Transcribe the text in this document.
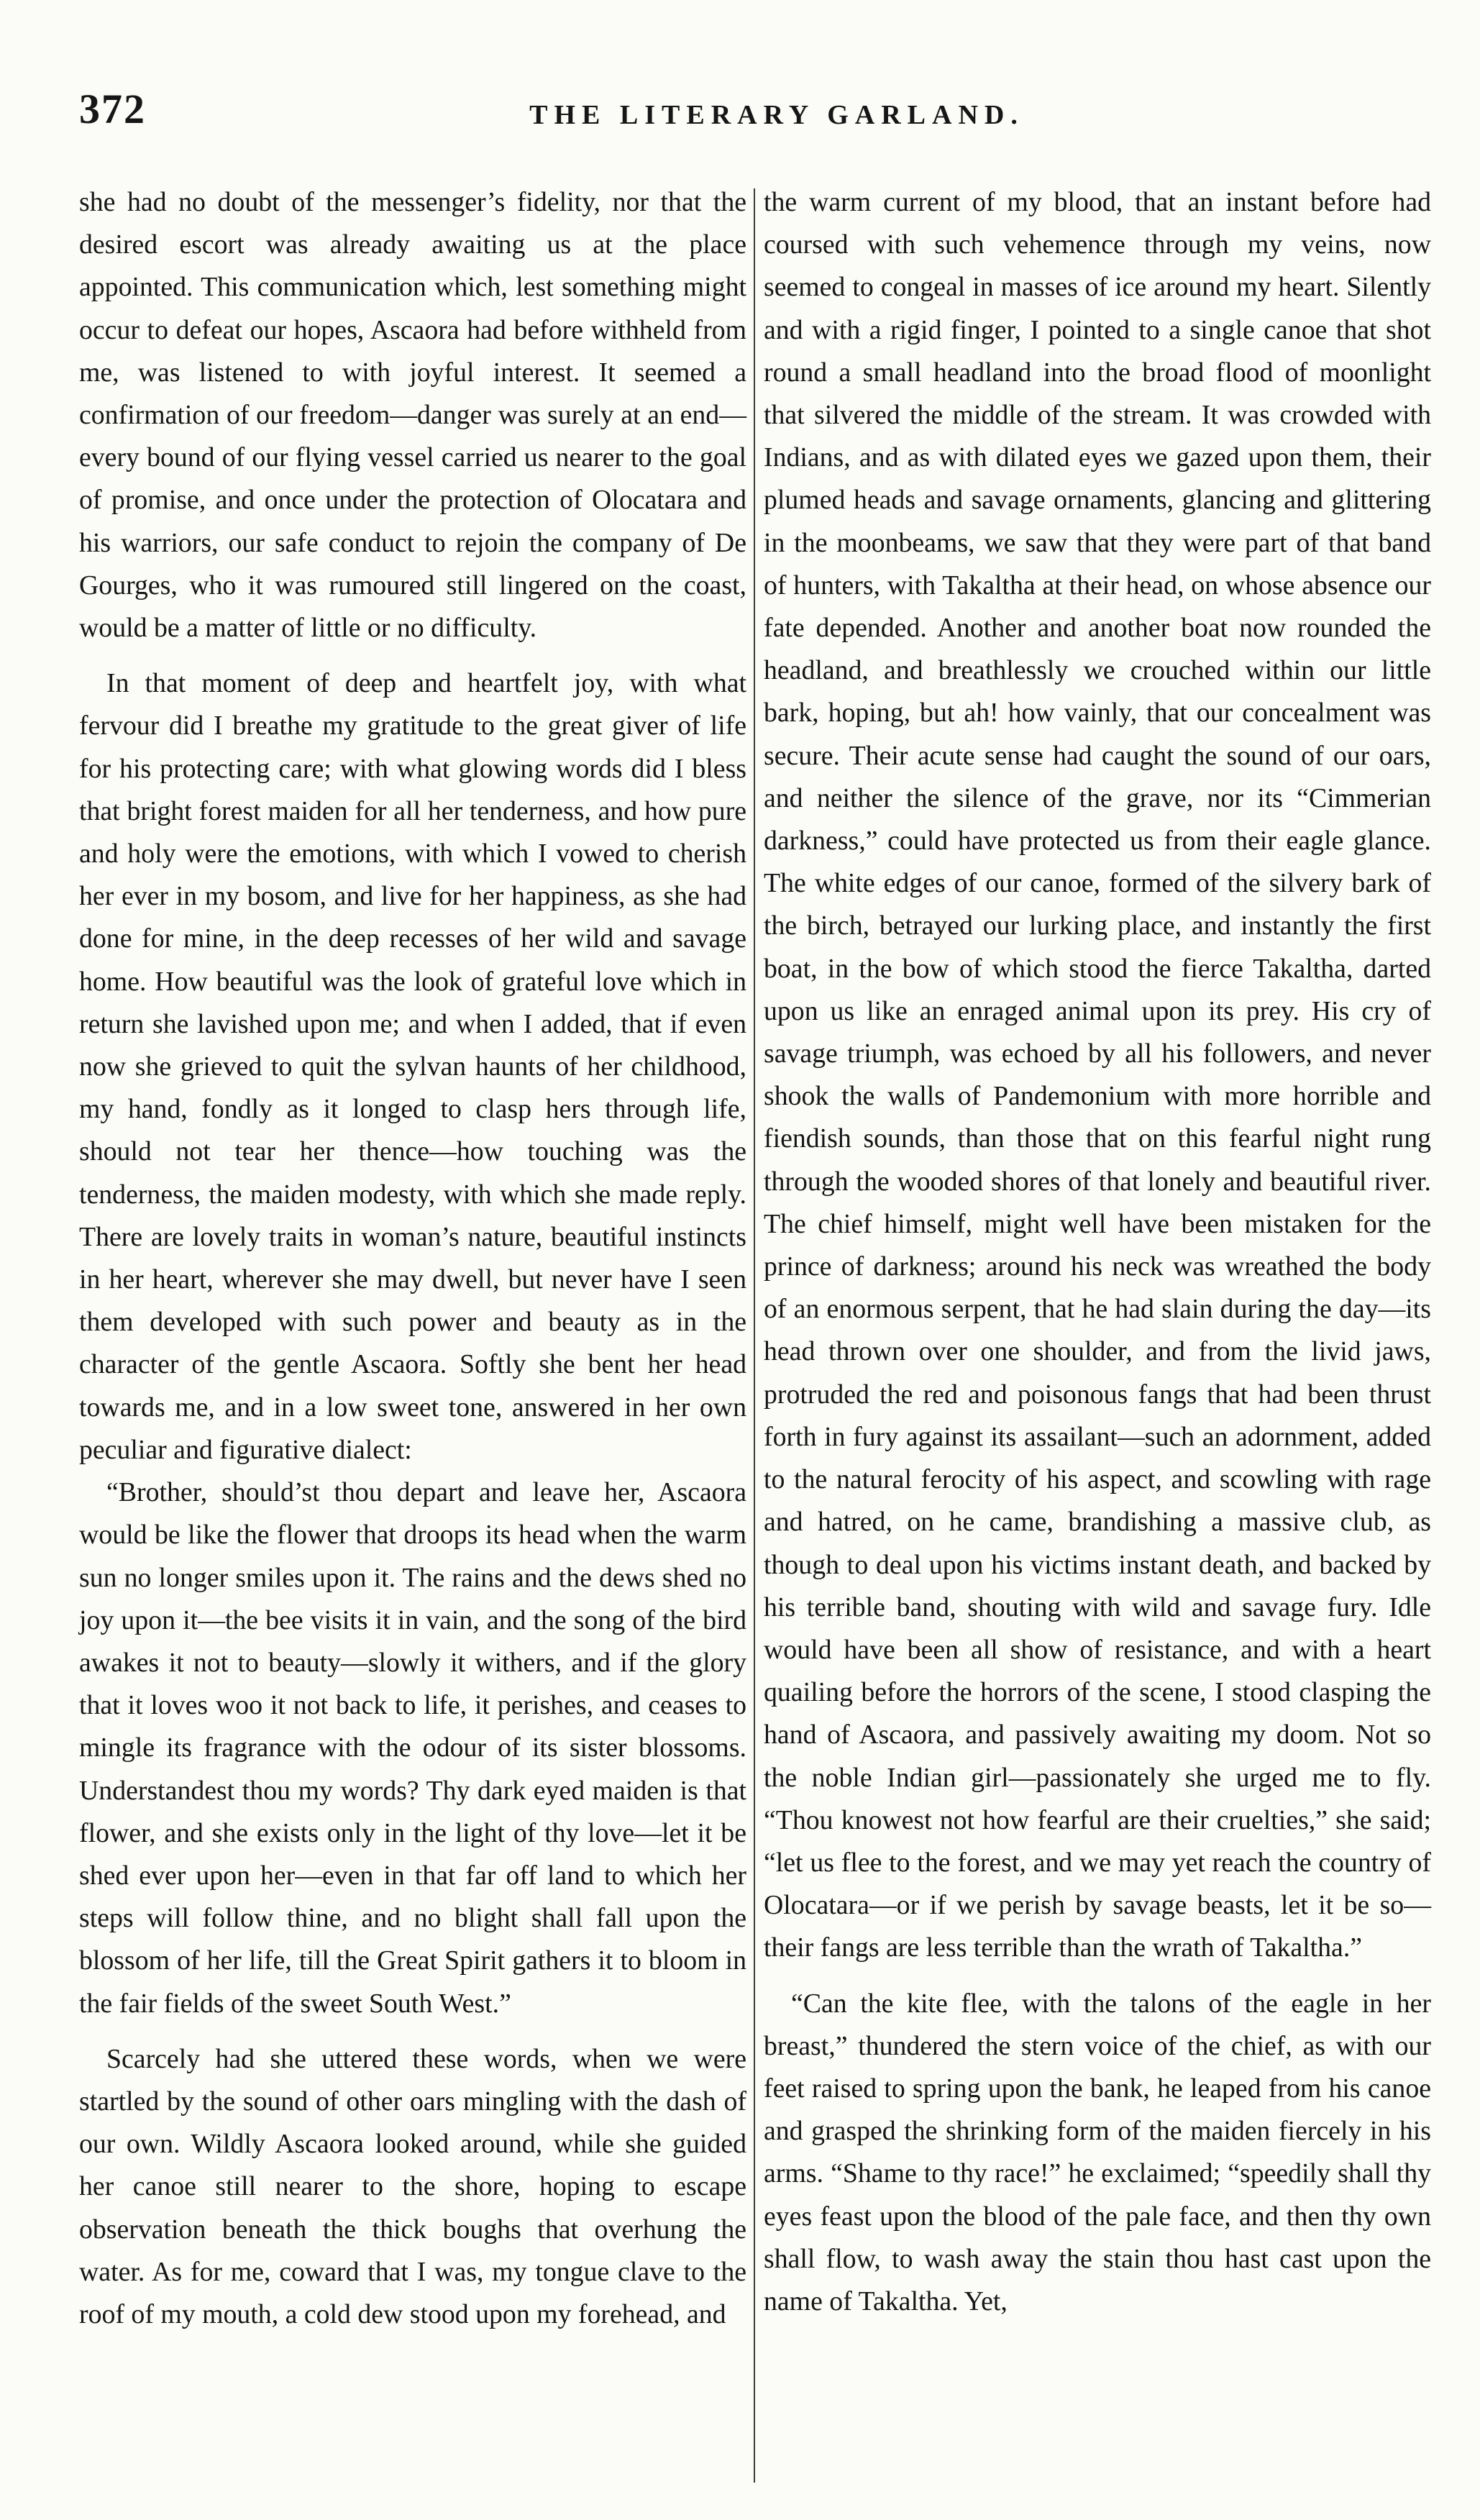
372	THE LITERARY GARLAND.

she had no doubt of the messenger’s fidelity, nor that the desired escort was already awaiting us at the place appointed. This communication which, lest something might occur to defeat our hopes, Ascaora had before withheld from me, was listened to with joyful interest. It seemed a confirmation of our freedom—danger was surely at an end—every bound of our flying vessel carried us nearer to the goal of promise, and once under the protection of Olocatara and his warriors, our safe conduct to rejoin the company of De Gourges, who it was rumoured still lingered on the coast, would be a matter of little or no difficulty.

In that moment of deep and heartfelt joy, with what fervour did I breathe my gratitude to the great giver of life for his protecting care; with what glowing words did I bless that bright forest maiden for all her tenderness, and how pure and holy were the emotions, with which I vowed to cherish her ever in my bosom, and live for her happiness, as she had done for mine, in the deep recesses of her wild and savage home. How beautiful was the look of grateful love which in return she lavished upon me; and when I added, that if even now she grieved to quit the sylvan haunts of her childhood, my hand, fondly as it longed to clasp hers through life, should not tear her thence—how touching was the tenderness, the maiden modesty, with which she made reply. There are lovely traits in woman’s nature, beautiful instincts in her heart, wherever she may dwell, but never have I seen them developed with such power and beauty as in the character of the gentle Ascaora. Softly she bent her head towards me, and in a low sweet tone, answered in her own peculiar and figurative dialect:

“Brother, should’st thou depart and leave her, Ascaora would be like the flower that droops its head when the warm sun no longer smiles upon it. The rains and the dews shed no joy upon it—the bee visits it in vain, and the song of the bird awakes it not to beauty—slowly it withers, and if the glory that it loves woo it not back to life, it perishes, and ceases to mingle its fragrance with the odour of its sister blossoms. Understandest thou my words? Thy dark eyed maiden is that flower, and she exists only in the light of thy love—let it be shed ever upon her—even in that far off land to which her steps will follow thine, and no blight shall fall upon the blossom of her life, till the Great Spirit gathers it to bloom in the fair fields of the sweet South West.”

Scarcely had she uttered these words, when we were startled by the sound of other oars mingling with the dash of our own. Wildly Ascaora looked around, while she guided her canoe still nearer to the shore, hoping to escape observation beneath the thick boughs that overhung the water. As for me, coward that I was, my tongue clave to the roof of my mouth, a cold dew stood upon my forehead, and

the warm current of my blood, that an instant before had coursed with such vehemence through my veins, now seemed to congeal in masses of ice around my heart. Silently and with a rigid finger, I pointed to a single canoe that shot round a small headland into the broad flood of moonlight that silvered the middle of the stream. It was crowded with Indians, and as with dilated eyes we gazed upon them, their plumed heads and savage ornaments, glancing and glittering in the moonbeams, we saw that they were part of that band of hunters, with Takaltha at their head, on whose absence our fate depended. Another and another boat now rounded the headland, and breathlessly we crouched within our little bark, hoping, but ah! how vainly, that our concealment was secure. Their acute sense had caught the sound of our oars, and neither the silence of the grave, nor its “Cimmerian darkness,” could have protected us from their eagle glance. The white edges of our canoe, formed of the silvery bark of the birch, betrayed our lurking place, and instantly the first boat, in the bow of which stood the fierce Takaltha, darted upon us like an enraged animal upon its prey. His cry of savage triumph, was echoed by all his followers, and never shook the walls of Pandemonium with more horrible and fiendish sounds, than those that on this fearful night rung through the wooded shores of that lonely and beautiful river. The chief himself, might well have been mistaken for the prince of darkness; around his neck was wreathed the body of an enormous serpent, that he had slain during the day—its head thrown over one shoulder, and from the livid jaws, protruded the red and poisonous fangs that had been thrust forth in fury against its assailant—such an adornment, added to the natural ferocity of his aspect, and scowling with rage and hatred, on he came, brandishing a massive club, as though to deal upon his victims instant death, and backed by his terrible band, shouting with wild and savage fury. Idle would have been all show of resistance, and with a heart quailing before the horrors of the scene, I stood clasping the hand of Ascaora, and passively awaiting my doom. Not so the noble Indian girl—passionately she urged me to fly. “Thou knowest not how fearful are their cruelties,” she said; “let us flee to the forest, and we may yet reach the country of Olocatara—or if we perish by savage beasts, let it be so—their fangs are less terrible than the wrath of Takaltha.”

“Can the kite flee, with the talons of the eagle in her breast,” thundered the stern voice of the chief, as with our feet raised to spring upon the bank, he leaped from his canoe and grasped the shrinking form of the maiden fiercely in his arms. “Shame to thy race!” he exclaimed; “speedily shall thy eyes feast upon the blood of the pale face, and then thy own shall flow, to wash away the stain thou hast cast upon the name of Takaltha. Yet,
